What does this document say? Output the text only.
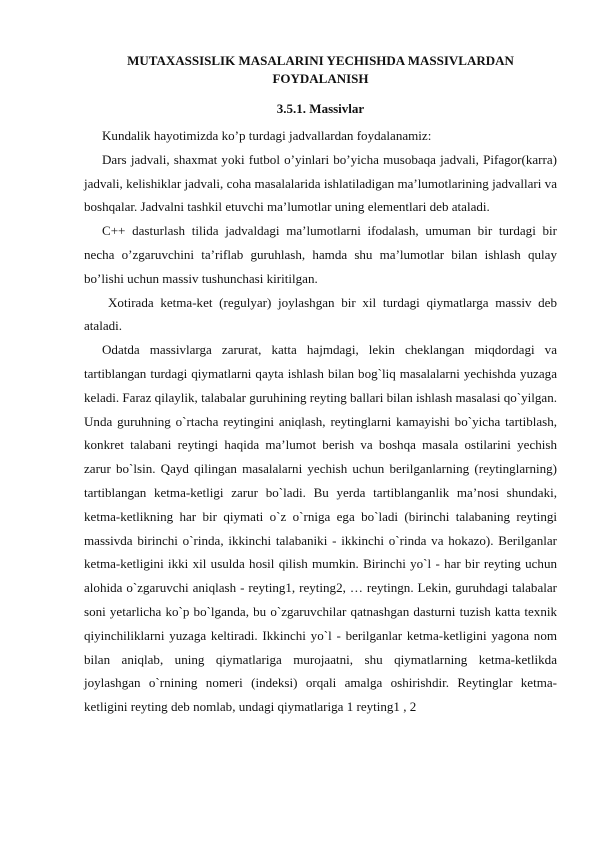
MUTAXASSISLIK MASALARINI YECHISHDA MASSIVLARDAN

FOYDALANISH

3.5.1. Massivlar

Kundalik hayotimizda ko’p turdagi jadvallardan foydalanamiz:

Dars jadvali, shaxmat yoki futbol o’yinlari bo’yicha musobaqa jadvali, Pifagor(karra) jadvali, kelishiklar jadvali, coha masalalarida ishlatiladigan ma’lumotlarining jadvallari va boshqalar. Jadvalni tashkil etuvchi ma’lumotlar uning elementlari deb ataladi.

C++ dasturlash tilida jadvaldagi ma’lumotlarni ifodalash, umuman bir turdagi bir necha o’zgaruvchini ta’riflab guruhlash, hamda shu ma’lumotlar bilan ishlash qulay bo’lishi uchun massiv tushunchasi kiritilgan.

Xotirada ketma-ket (regulyar) joylashgan bir xil turdagi qiymatlarga massiv deb ataladi.

Odatda massivlarga zarurat, katta hajmdagi, lekin cheklangan miqdordagi va tartiblangan turdagi qiymatlarni qayta ishlash bilan bog`liq masalalarni yechishda yuzaga keladi. Faraz qilaylik, talabalar guruhining reyting ballari bilan ishlash masalasi qo`yilgan. Unda guruhning o`rtacha reytingini aniqlash, reytinglarni kamayishi bo`yicha tartiblash, konkret talabani reytingi haqida ma’lumot berish va boshqa masala ostilarini yechish zarur bo`lsin. Qayd qilingan masalalarni yechish uchun berilganlarning (reytinglarning) tartiblangan ketma-ketligi zarur bo`ladi. Bu yerda tartiblanganlik ma’nosi shundaki, ketma-ketlikning har bir qiymati o`z o`rniga ega bo`ladi (birinchi talabaning reytingi massivda birinchi o`rinda, ikkinchi talabaniki - ikkinchi o`rinda va hokazo). Berilganlar ketma-ketligini ikki xil usulda hosil qilish mumkin. Birinchi yo`l - har bir reyting uchun alohida o`zgaruvchi aniqlash - reyting1, reyting2, … reytingn. Lekin, guruhdagi talabalar soni yetarlicha ko`p bo`lganda, bu o`zgaruvchilar qatnashgan dasturni tuzish katta texnik qiyinchiliklarni yuzaga keltiradi. Ikkinchi yo`l - berilganlar ketma-ketligini yagona nom bilan aniqlab, uning qiymatlariga murojaatni, shu qiymatlarning ketma-ketlikda joylashgan o`rnining nomeri (indeksi) orqali amalga oshirishdir. Reytinglar ketma-ketligini reyting deb nomlab, undagi qiymatlariga 1 reyting1 , 2
